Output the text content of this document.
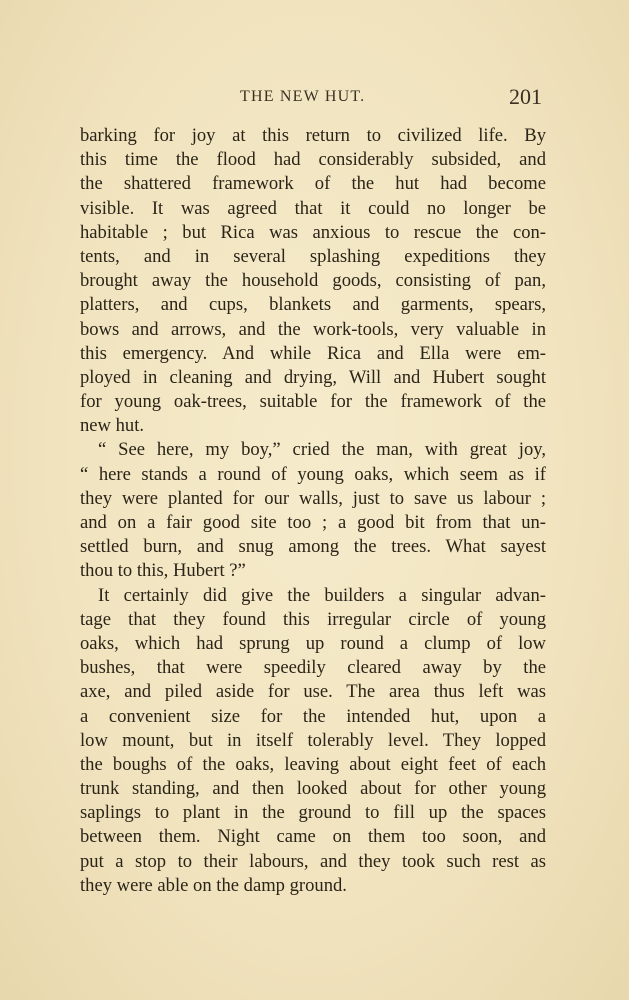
THE NEW HUT.	201
barking for joy at this return to civilized life. By
this time the flood had considerably subsided, and
the shattered framework of the hut had become
visible. It was agreed that it could no longer be
habitable ; but Rica was anxious to rescue the con-
tents, and in several splashing expeditions they
brought away the household goods, consisting of pan,
platters, and cups, blankets and garments, spears,
bows and arrows, and the work-tools, very valuable in
this emergency. And while Rica and Ella were em-
ployed in cleaning and drying, Will and Hubert sought
for young oak-trees, suitable for the framework of the
new hut.
“ See here, my boy,” cried the man, with great joy,
“ here stands a round of young oaks, which seem as if
they were planted for our walls, just to save us labour ;
and on a fair good site too ; a good bit from that un-
settled burn, and snug among the trees. What sayest
thou to this, Hubert ?”
It certainly did give the builders a singular advan-
tage that they found this irregular circle of young
oaks, which had sprung up round a clump of low
bushes, that were speedily cleared away by the
axe, and piled aside for use. The area thus left was
a convenient size for the intended hut, upon a
low mount, but in itself tolerably level. They lopped
the boughs of the oaks, leaving about eight feet of each
trunk standing, and then looked about for other young
saplings to plant in the ground to fill up the spaces
between them. Night came on them too soon, and
put a stop to their labours, and they took such rest as
they were able on the damp ground.
